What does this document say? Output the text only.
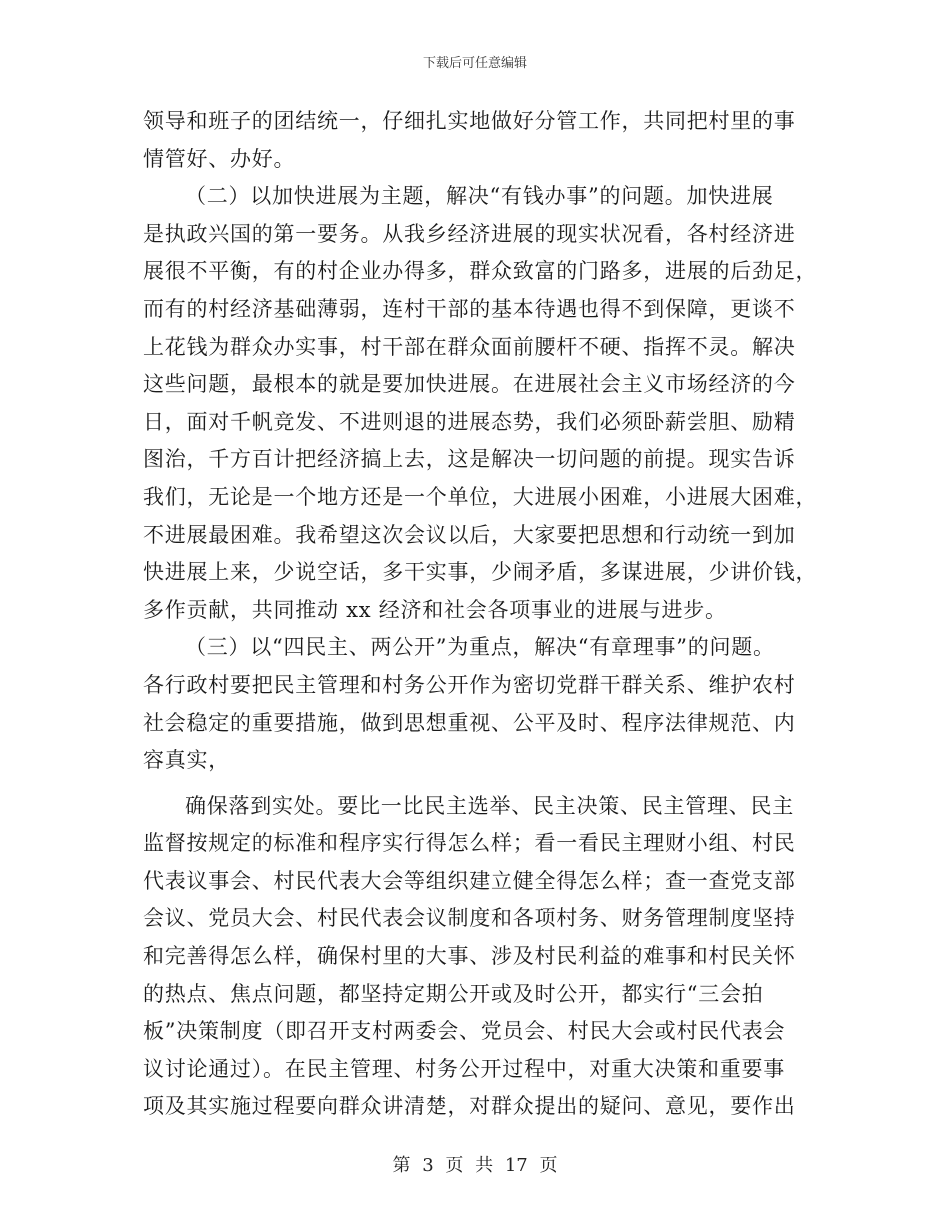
下载后可任意编辑
领导和班子的团结统一，仔细扎实地做好分管工作，共同把村里的事
情管好、办好。
（二）以加快进展为主题，解决“有钱办事”的问题。加快进展
是执政兴国的第一要务。从我乡经济进展的现实状况看，各村经济进
展很不平衡，有的村企业办得多，群众致富的门路多，进展的后劲足，
而有的村经济基础薄弱，连村干部的基本待遇也得不到保障，更谈不
上花钱为群众办实事，村干部在群众面前腰杆不硬、指挥不灵。解决
这些问题，最根本的就是要加快进展。在进展社会主义市场经济的今
日，面对千帆竞发、不进则退的进展态势，我们必须卧薪尝胆、励精
图治，千方百计把经济搞上去，这是解决一切问题的前提。现实告诉
我们，无论是一个地方还是一个单位，大进展小困难，小进展大困难，
不进展最困难。我希望这次会议以后，大家要把思想和行动统一到加
快进展上来，少说空话，多干实事，少闹矛盾，多谋进展，少讲价钱，
多作贡献，共同推动 xx 经济和社会各项事业的进展与进步。
（三）以“四民主、两公开”为重点，解决“有章理事”的问题。
各行政村要把民主管理和村务公开作为密切党群干群关系、维护农村
社会稳定的重要措施，做到思想重视、公平及时、程序法律规范、内
容真实，
确保落到实处。要比一比民主选举、民主决策、民主管理、民主
监督按规定的标准和程序实行得怎么样；看一看民主理财小组、村民
代表议事会、村民代表大会等组织建立健全得怎么样；查一查党支部
会议、党员大会、村民代表会议制度和各项村务、财务管理制度坚持
和完善得怎么样，确保村里的大事、涉及村民利益的难事和村民关怀
的热点、焦点问题，都坚持定期公开或及时公开，都实行“三会拍
板”决策制度（即召开支村两委会、党员会、村民大会或村民代表会
议讨论通过）。在民主管理、村务公开过程中，对重大决策和重要事
项及其实施过程要向群众讲清楚，对群众提出的疑问、意见，要作出
第 3 页 共 17 页
